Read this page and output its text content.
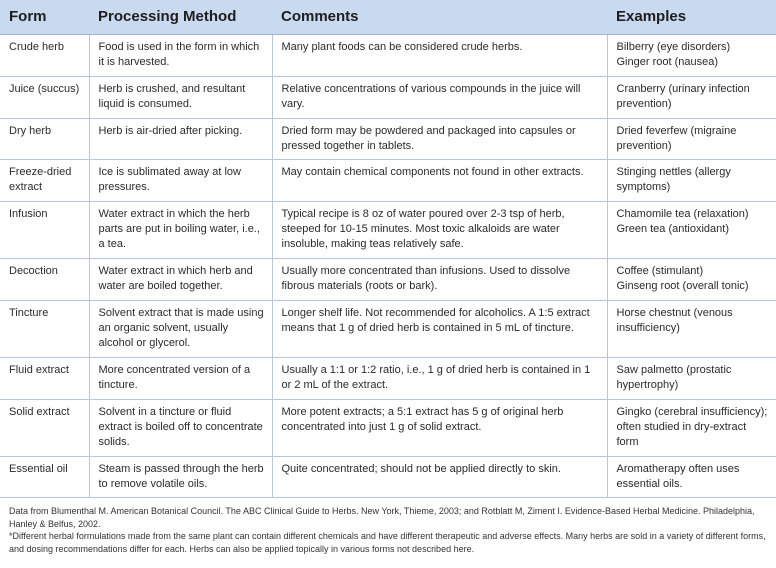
Form	Processing Method	Comments	Examples
Crude herb	Food is used in the form in which it is harvested.	Many plant foods can be considered crude herbs.	Bilberry (eye disorders)
Ginger root (nausea)

Juice (succus)	Herb is crushed, and resultant liquid is consumed.	Relative concentrations of various compounds in the juice will vary.	Cranberry (urinary infection prevention)

Dry herb	Herb is air-dried after picking.	Dried form may be powdered and packaged into capsules or pressed together in tablets.	Dried feverfew (migraine prevention)

Freeze-dried extract	Ice is sublimated away at low pressures.	May contain chemical components not found in other extracts.	Stinging nettles (allergy symptoms)

Infusion	Water extract in which the herb parts are put in boiling water, i.e., a tea.	Typical recipe is 8 oz of water poured over 2-3 tsp of herb, steeped for 10-15 minutes. Most toxic alkaloids are water insoluble, making teas relatively safe.	Chamomile tea (relaxation)
Green tea (antioxidant)

Decoction	Water extract in which herb and water are boiled together.	Usually more concentrated than infusions. Used to dissolve fibrous materials (roots or bark).	Coffee (stimulant)
Ginseng root (overall tonic)

Tincture	Solvent extract that is made using an organic solvent, usually alcohol or glycerol.	Longer shelf life. Not recommended for alcoholics. A 1:5 extract means that 1 g of dried herb is contained in 5 mL of tincture.	Horse chestnut (venous insufficiency)

Fluid extract	More concentrated version of a tincture.	Usually a 1:1 or 1:2 ratio, i.e., 1 g of dried herb is contained in 1 or 2 mL of the extract.	Saw palmetto (prostatic hypertrophy)

Solid extract	Solvent in a tincture or fluid extract is boiled off to concentrate solids.	More potent extracts; a 5:1 extract has 5 g of original herb concentrated into just 1 g of solid extract.	Gingko (cerebral insufficiency); often studied in dry-extract form

Essential oil	Steam is passed through the herb to remove volatile oils.	Quite concentrated; should not be applied directly to skin.	Aromatherapy often uses essential oils.

Data from Blumenthal M. American Botanical Council. The ABC Clinical Guide to Herbs. New York, Thieme, 2003; and Rotblatt M, Ziment I. Evidence-Based Herbal Medicine. Philadelphia, Hanley & Belfus, 2002.

*Different herbal formulations made from the same plant can contain different chemicals and have different therapeutic and adverse effects. Many herbs are sold in a variety of different forms, and dosing recommendations differ for each. Herbs can also be applied topically in various forms not described here.
